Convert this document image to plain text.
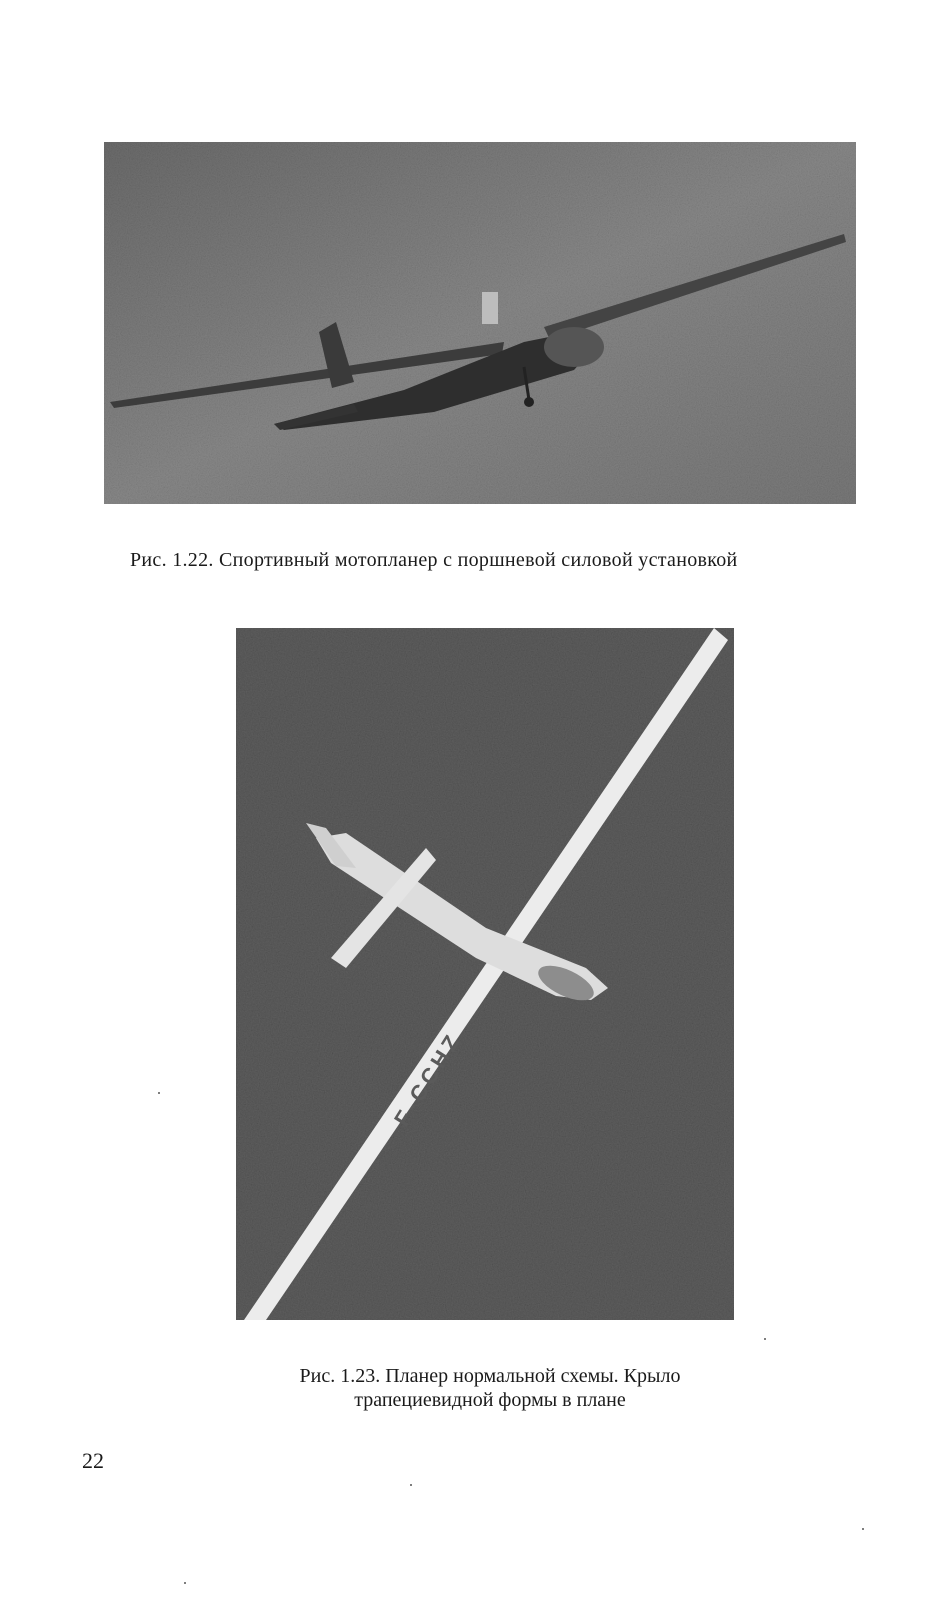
Рис. 1.22. Спортивный мотопланер с поршневой силовой установкой
F-CCHZ
Рис. 1.23. Планер нормальной схемы. Крыло
трапециевидной формы в плане
22
